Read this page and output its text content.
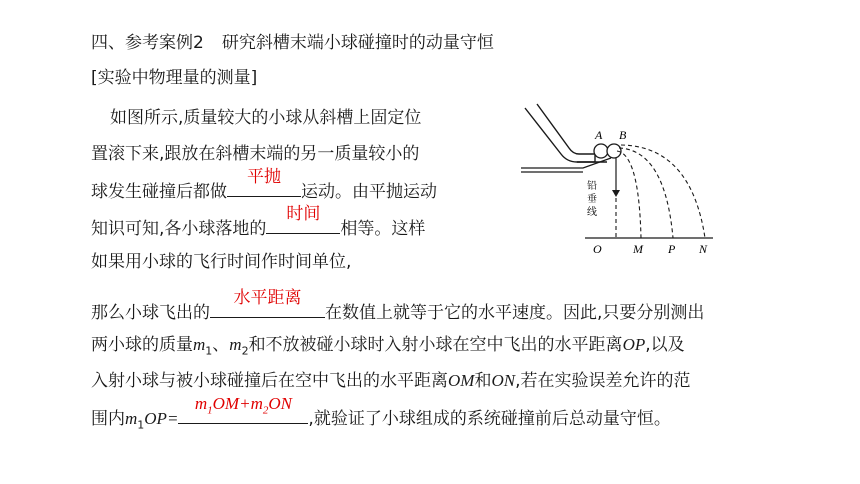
四、参考案例2 研究斜槽末端小球碰撞时的动量守恒
[实验中物理量的测量]
如图所示,质量较大的小球从斜槽上固定位
置滚下来,跟放在斜槽末端的另一质量较小的
球发生碰撞后都做
平抛
运动。由平抛运动
知识可知,各小球落地的
时间
相等。这样
如果用小球的飞行时间作时间单位,
那么小球飞出的
水平距离
在数值上就等于它的水平速度。因此,只要分别测出
两小球的质量$m_1$、$m_2$和不放被碰小球时入射小球在空中飞出的水平距离OP,以及
入射小球与被小球碰撞后在空中飞出的水平距离OM和ON,若在实验误差允许的范
围内$m_1OP=$
$m_1OM+m_2ON$
,就验证了小球组成的系统碰撞前后总动量守恒。
A B
铅
垂
线
O	M P N
